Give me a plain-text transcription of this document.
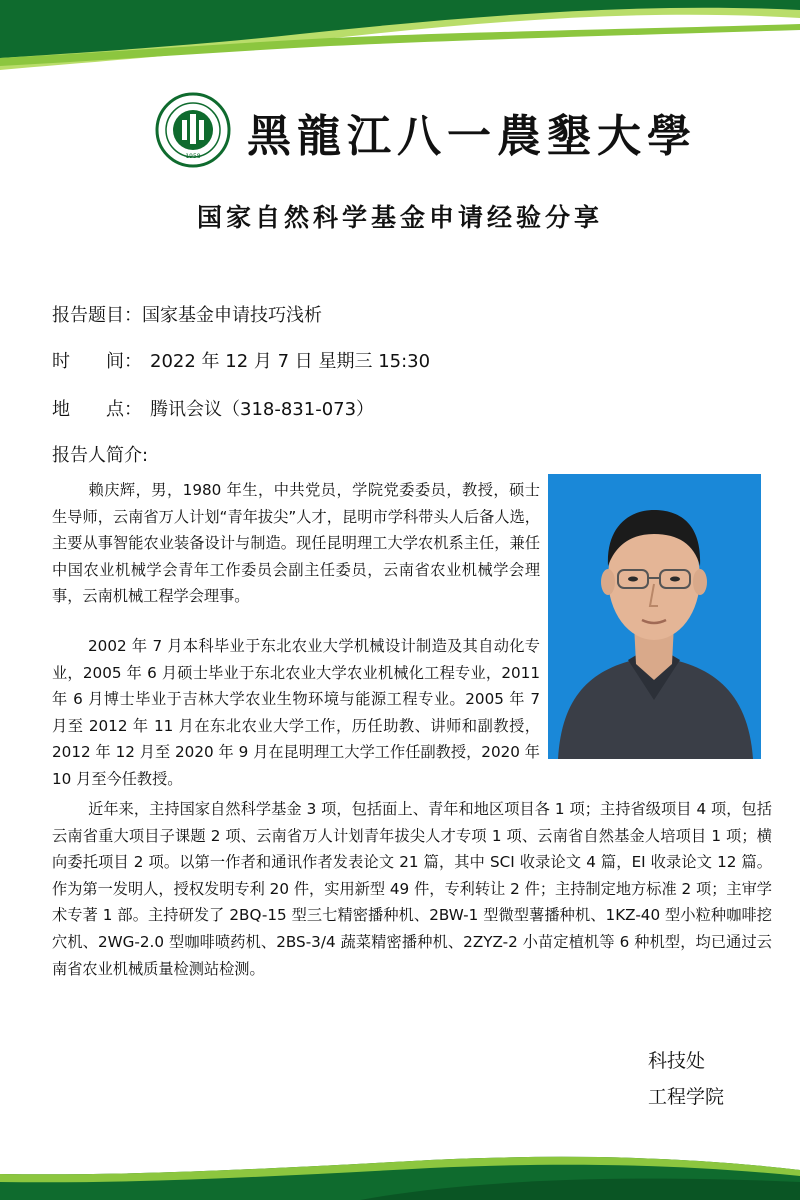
1958 黑龍江八一農墾大學
国家自然科学基金申请经验分享
报告题目：国家基金申请技巧浅析
时 间： 2022 年 12 月 7 日 星期三 15:30
地 点： 腾讯会议（318-831-073）
报告人简介:

赖庆辉，男，1980 年生，中共党员，学院党委委员，教授，硕士生导师，云南省万人计划“青年拔尖”人才，昆明市学科带头人后备人选，主要从事智能农业装备设计与制造。现任昆明理工大学农机系主任，兼任中国农业机械学会青年工作委员会副主任委员，云南省农业机械学会理事，云南机械工程学会理事。

2002 年 7 月本科毕业于东北农业大学机械设计制造及其自动化专业，2005 年 6 月硕士毕业于东北农业大学农业机械化工程专业，2011 年 6 月博士毕业于吉林大学农业生物环境与能源工程专业。2005 年 7 月至 2012 年 11 月在东北农业大学工作，历任助教、讲师和副教授，2012 年 12 月至 2020 年 9 月在昆明理工大学工作任副教授，2020 年 10 月至今任教授。

近年来，主持国家自然科学基金 3 项，包括面上、青年和地区项目各 1 项；主持省级项目 4 项，包括云南省重大项目子课题 2 项、云南省万人计划青年拔尖人才专项 1 项、云南省自然基金人培项目 1 项；横向委托项目 2 项。以第一作者和通讯作者发表论文 21 篇，其中 SCI 收录论文 4 篇，EI 收录论文 12 篇。作为第一发明人，授权发明专利 20 件，实用新型 49 件，专利转让 2 件；主持制定地方标准 2 项；主审学术专著 1 部。主持研发了 2BQ-15 型三七精密播种机、2BW-1 型微型薯播种机、1KZ-40 型小粒种咖啡挖穴机、2WG-2.0 型咖啡喷药机、2BS-3/4 蔬菜精密播种机、2ZYZ-2 小苗定植机等 6 种机型，均已通过云南省农业机械质量检测站检测。

科技处
工程学院
